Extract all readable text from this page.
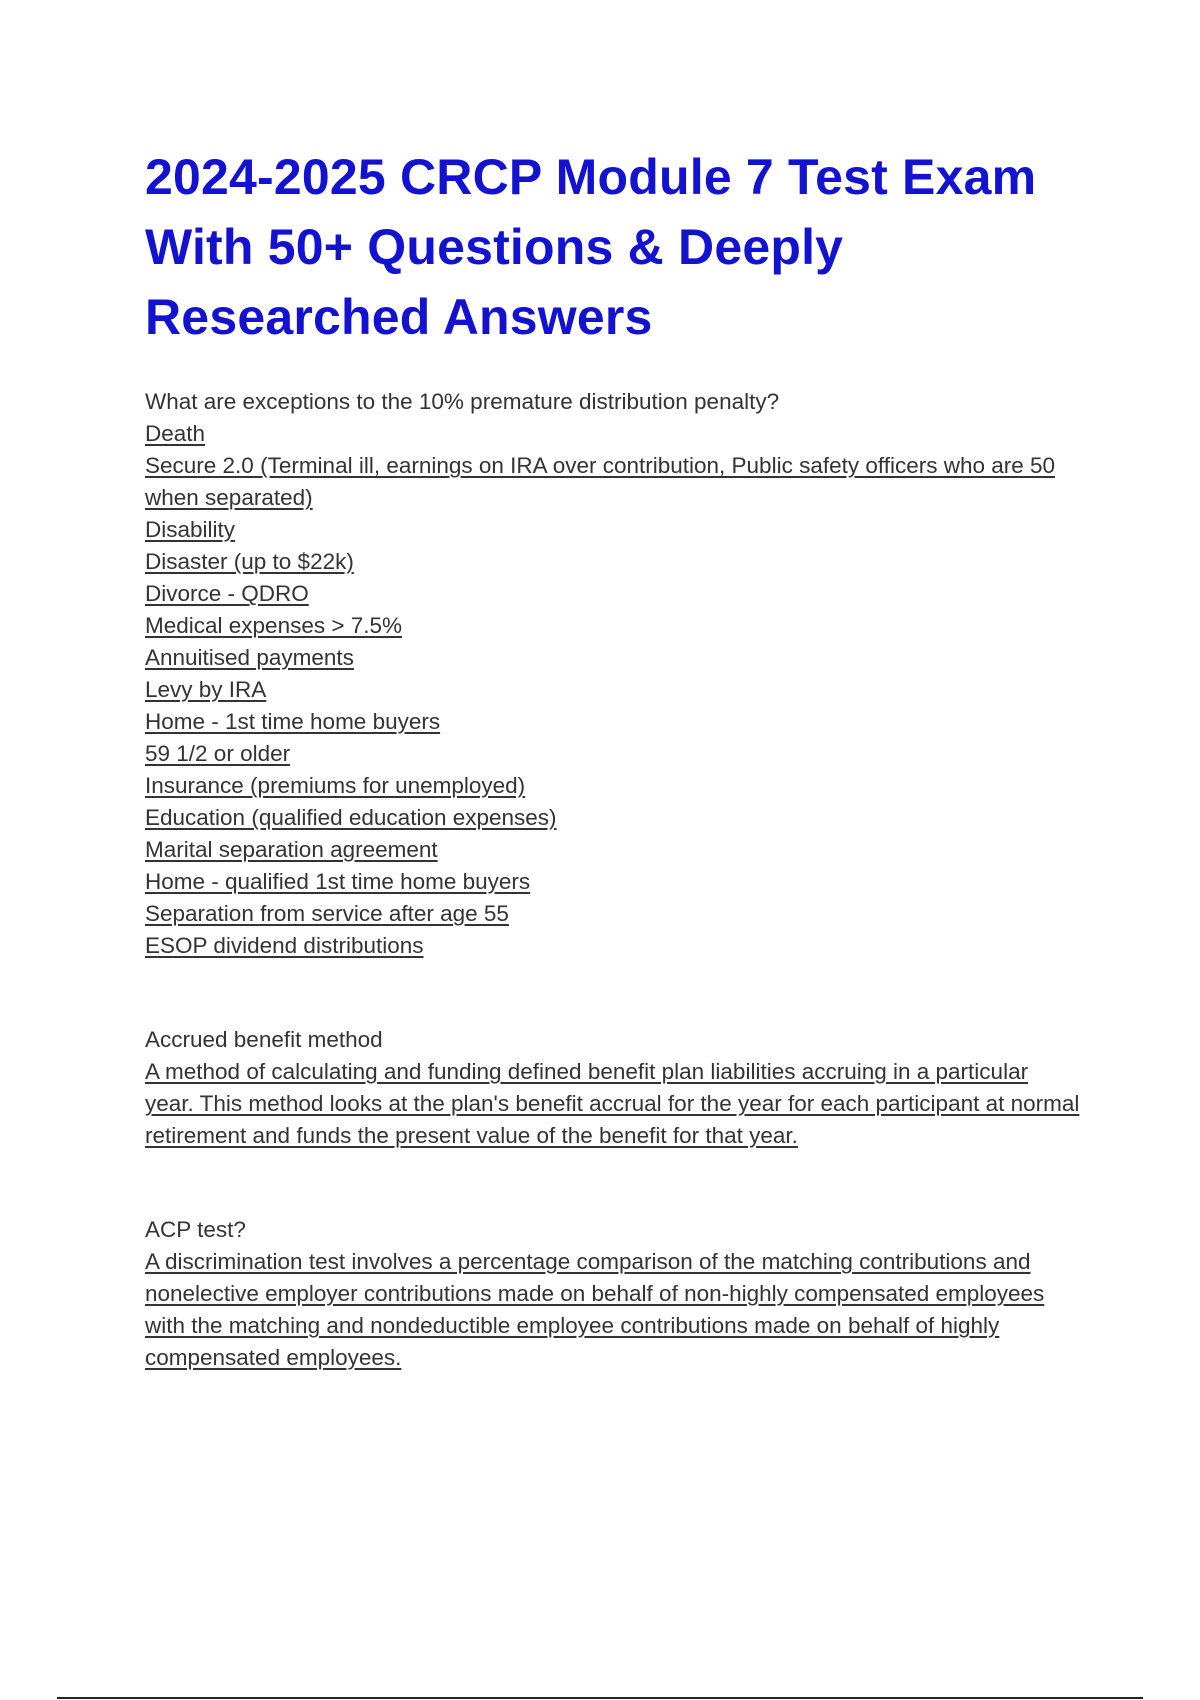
2024-2025 CRCP Module 7 Test Exam With 50+ Questions & Deeply Researched Answers
What are exceptions to the 10% premature distribution penalty?
Death
Secure 2.0 (Terminal ill, earnings on IRA over contribution, Public safety officers who are 50 when separated)
Disability
Disaster (up to $22k)
Divorce - QDRO
Medical expenses > 7.5%
Annuitised payments
Levy by IRA
Home - 1st time home buyers
59 1/2 or older
Insurance (premiums for unemployed)
Education (qualified education expenses)
Marital separation agreement
Home - qualified 1st time home buyers
Separation from service after age 55
ESOP dividend distributions
Accrued benefit method
A method of calculating and funding defined benefit plan liabilities accruing in a particular year. This method looks at the plan's benefit accrual for the year for each participant at normal retirement and funds the present value of the benefit for that year.
ACP test?
A discrimination test involves a percentage comparison of the matching contributions and nonelective employer contributions made on behalf of non-highly compensated employees with the matching and nondeductible employee contributions made on behalf of highly compensated employees.
